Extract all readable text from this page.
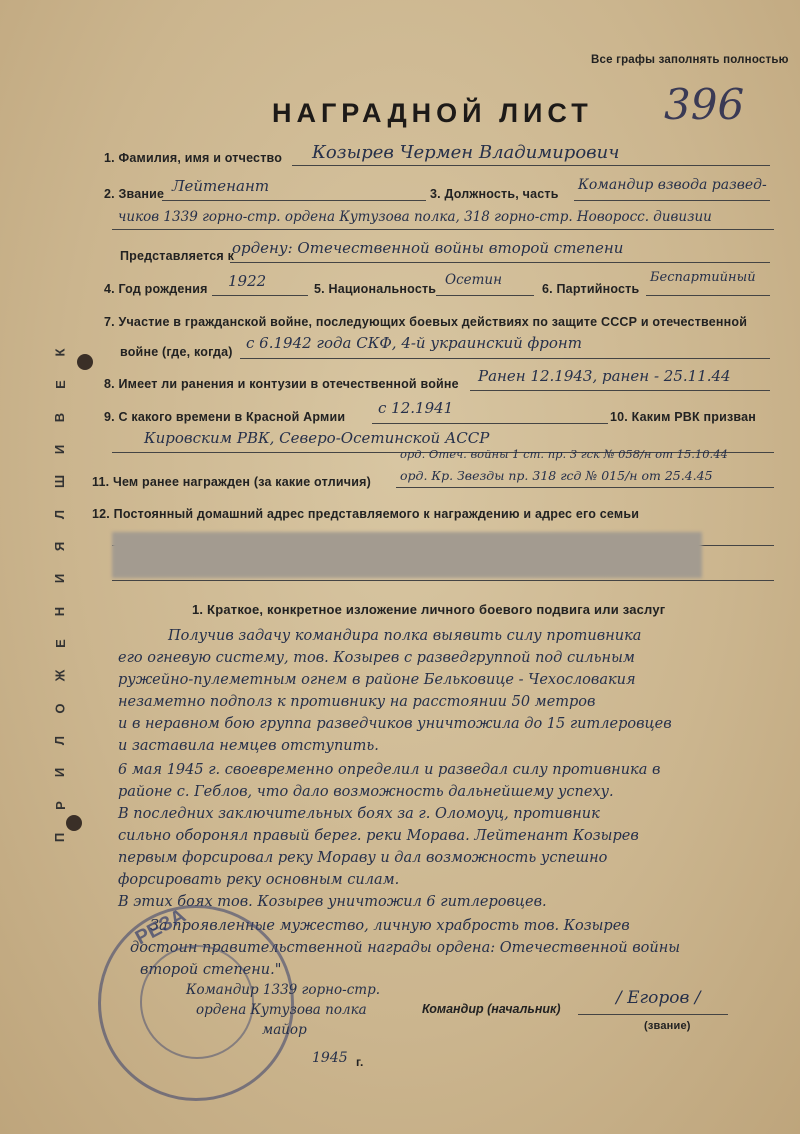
Все графы заполнять полностью
396
НАГРАДНОЙ ЛИСТ
К
Е
В
И
Ш
Л
Я
И
Н
Е
Ж
О
Л
И
Р
П
1. Фамилия, имя и отчество Козырев Чермен Владимирович
2. Звание Лейтенант	3. Должность, часть
Командир взвода развед-
чиков 1339 горно-стр. ордена Кутузова полка, 318 горно-стр. Новоросс. дивизии
Представляется к
ордену: Отечественной войны второй степени
4. Год рождения 1922	5. Национальность
Осетин
6. Партийность
Беспартийный
7. Участие в гражданской войне, последующих боевых действиях по защите СССР и отечественной
войне (где, когда) с 6.1942 года СКФ, 4-й украинский фронт
8. Имеет ли ранения и контузии в отечественной войне Ранен 12.1943, ранен - 25.11.44
9. С какого времени в Красной Армии с 12.1941	10. Каким РВК призван
Кировским РВК, Северо-Осетинской АССР
орд. Отеч. войны 1 ст. пр. 3 гск № 058/н от 15.10.44
11. Чем ранее награжден (за какие отличия) орд. Кр. Звезды пр. 318 гсд № 015/н от 25.4.45
12. Постоянный домашний адрес представляемого к награждению и адрес его семьи
1. Краткое, конкретное изложение личного боевого подвига или заслуг
Получив задачу командира полка выявить силу противника
его огневую систему, тов. Козырев с разведгруппой под сильным
ружейно-пулеметным огнем в районе Бельковице - Чехословакия
незаметно подполз к противнику на расстоянии 50 метров
и в неравном бою группа разведчиков уничтожила до 15 гитлеровцев
и заставила немцев отступить.
6 мая 1945 г. своевременно определил и разведал силу противника в
районе с. Геблов, что дало возможность дальнейшему успеху.
В последних заключительных боях за г. Оломоуц, противник
сильно оборонял правый берег. реки Морава. Лейтенант Козырев
первым форсировал реку Мораву и дал возможность успешно
форсировать реку основным силам.
В этих боях тов. Козырев уничтожил 6 гитлеровцев.
За проявленные мужество, личную храбрость тов. Козырев
достоин правительственной награды ордена: Отечественной войны
второй степени."
РЕЗА
Командир 1339 горно-стр.
ордена Кутузова полка
майор
Командир (начальник)
/ Егоров /
(звание)
1945 г.
